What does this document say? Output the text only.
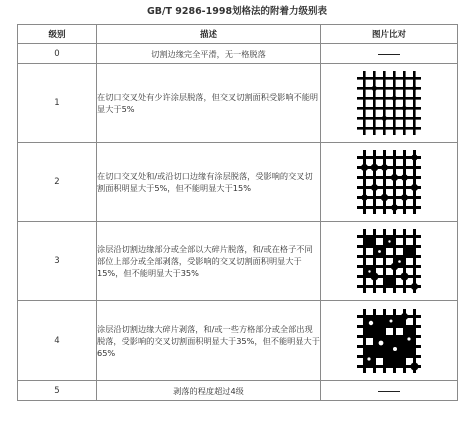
GB/T 9286-1998划格法的附着力级别表
级别	描述	图片比对
0	切割边缘完全平滑，无一格脱落	
1	在切口交叉处有少许涂层脱落，但交叉切割面积受影响不能明显大于5%	

2	在切口交叉处和/或沿切口边缘有涂层脱落，受影响的交叉切割面积明显大于5%，但不能明显大于15%	

3	涂层沿切割边缘部分或全部以大碎片脱落，和/或在格子不同部位上部分或全部剥落，受影响的交叉切割面积明显大于15%，但不能明显大于35%	

4	涂层沿切割边缘大碎片剥落，和/或一些方格部分或全部出现脱落，受影响的交叉切割面积明显大于35%，但不能明显大于65%	

5	剥落的程度超过4级	
